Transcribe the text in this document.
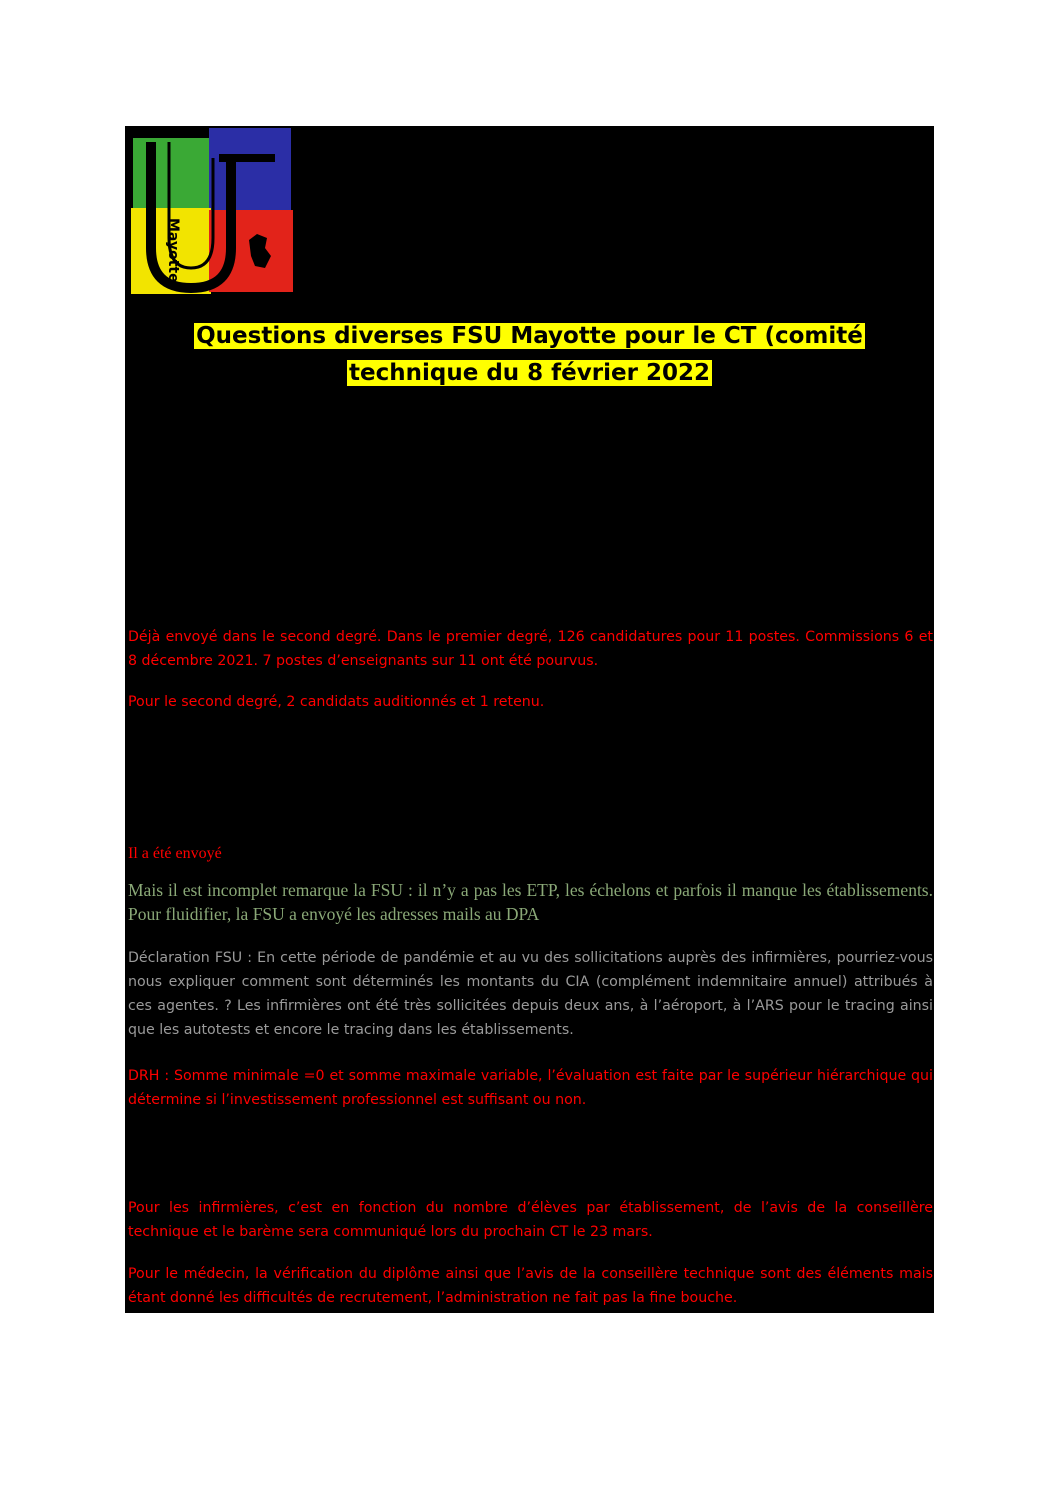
Mayotte
Questions diverses FSU Mayotte pour le CT (comité
technique du 8 février 2022

Déjà envoyé dans le second degré. Dans le premier degré, 126 candidatures pour 11 postes. Commissions 6 et 8 décembre 2021. 7 postes d’enseignants sur 11 ont été pourvus.

Pour le second degré, 2 candidats auditionnés et 1 retenu.

Il a été envoyé

Mais il est incomplet remarque la FSU : il n’y a pas les ETP, les échelons et parfois il manque les établissements. Pour fluidifier, la FSU a envoyé les adresses mails au DPA

Déclaration FSU : En cette période de pandémie et au vu des sollicitations auprès des infirmières, pourriez-vous nous expliquer comment sont déterminés les montants du CIA (complément indemnitaire annuel) attribués à ces agentes. ? Les infirmières ont été très sollicitées depuis deux ans, à l’aéroport, à l’ARS pour le tracing ainsi que les autotests et encore le tracing dans les établissements.

DRH : Somme minimale =0 et somme maximale variable, l’évaluation est faite par le supérieur hiérarchique qui détermine si l’investissement professionnel est suffisant ou non.

Pour les infirmières, c’est en fonction du nombre d’élèves par établissement, de l’avis de la conseillère technique et le barème sera communiqué lors du prochain CT le 23 mars.

Pour le médecin, la vérification du diplôme ainsi que l’avis de la conseillère technique sont des éléments mais étant donné les difficultés de recrutement, l’administration ne fait pas la fine bouche.
